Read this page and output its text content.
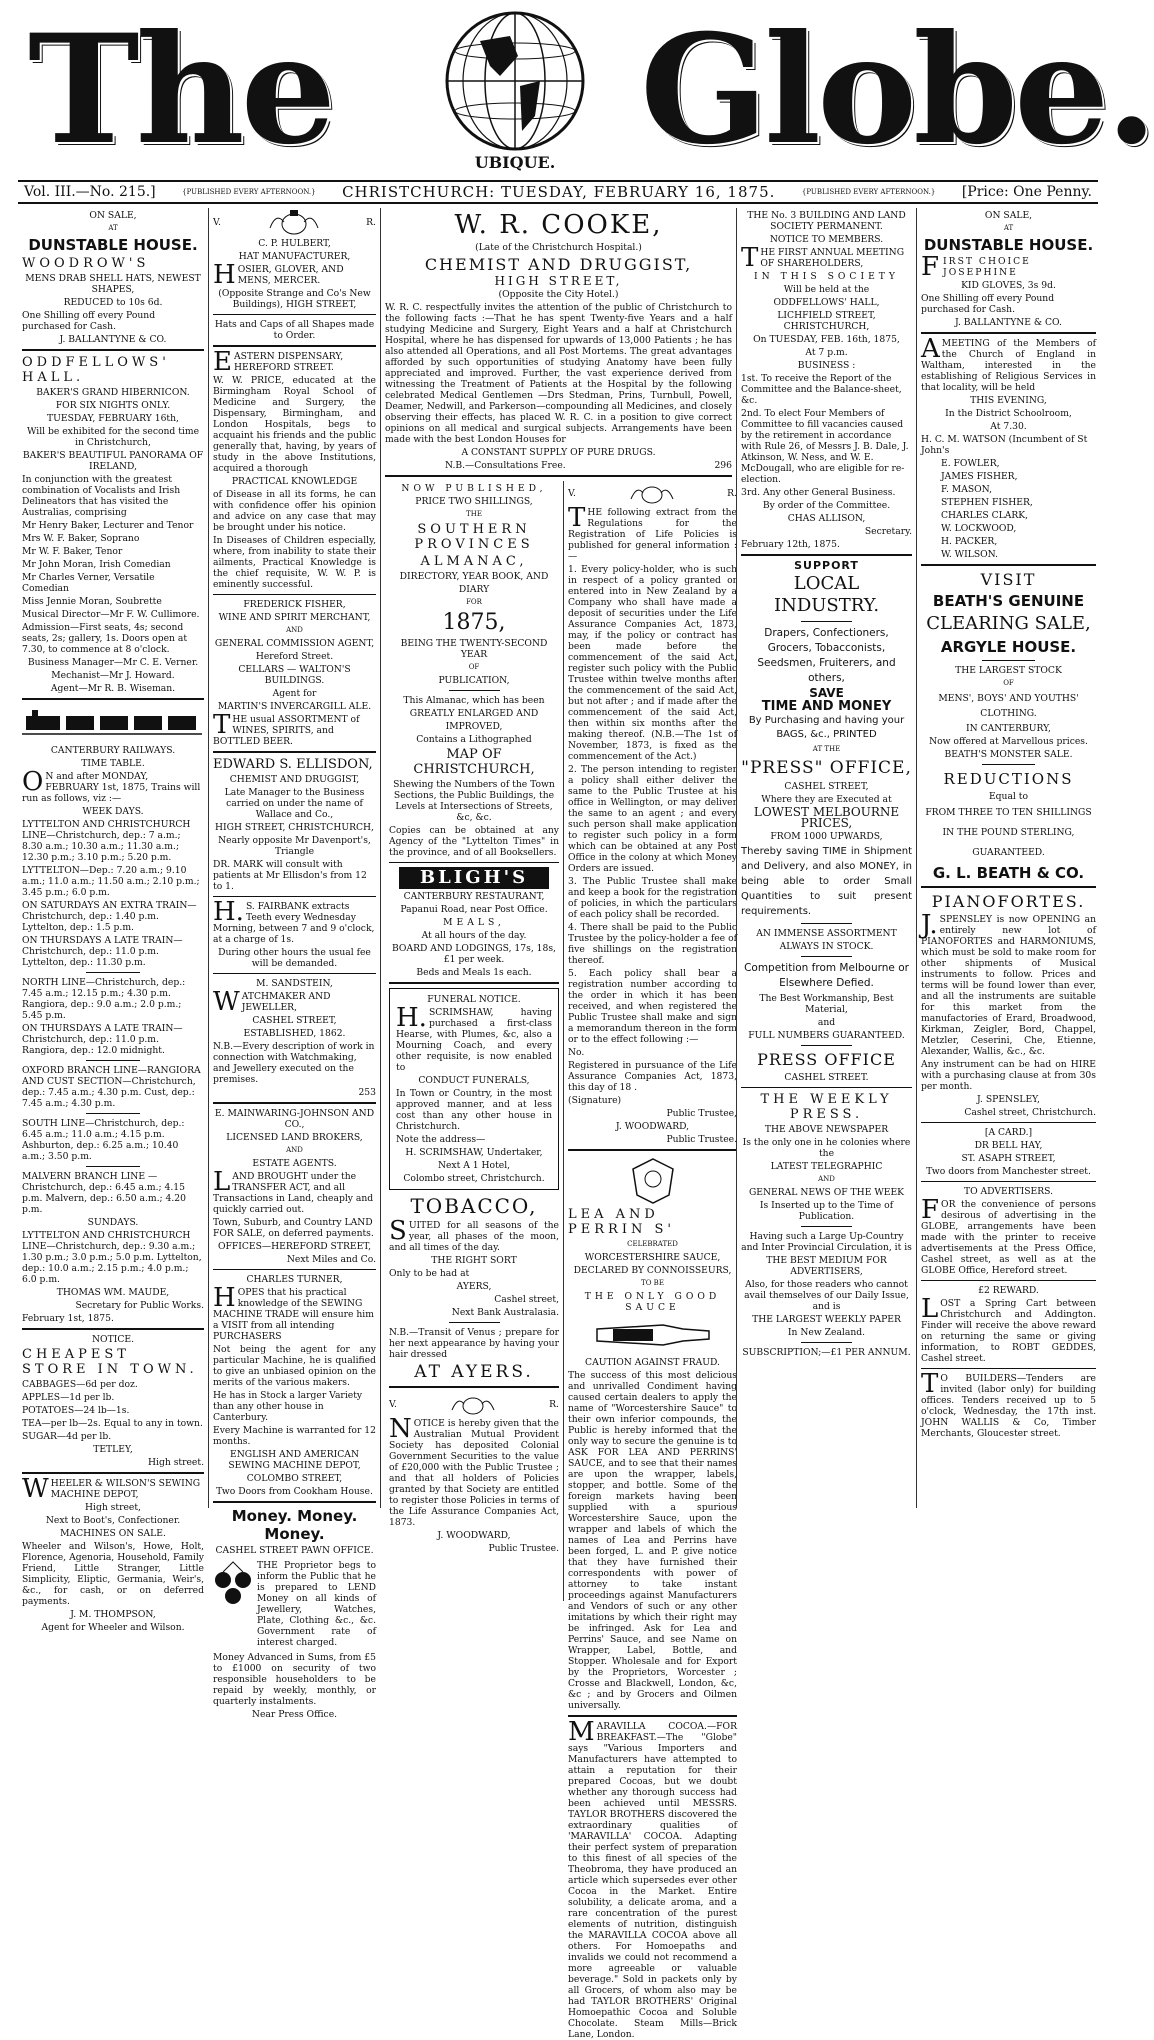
The	UBIQUE. Globe.
Vol. III.—No. 215.]	{PUBLISHED EVERY AFTERNOON.} CHRISTCHURCH: TUESDAY, FEBRUARY 16, 1875.	{PUBLISHED EVERY AFTERNOON.} [Price: One Penny.

ON SALE,

AT

DUNSTABLE HOUSE.

WOODROW'S

MENS DRAB SHELL HATS, NEWEST SHAPES,

REDUCED to 10s 6d.

One Shilling off every Pound purchased for Cash.

J. BALLANTYNE & CO.

ODDFELLOWS' HALL.

BAKER'S GRAND HIBERNICON.

FOR SIX NIGHTS ONLY.

TUESDAY, FEBRUARY 16th,

Will be exhibited for the second time in Christchurch,

BAKER'S BEAUTIFUL PANORAMA OF IRELAND,

In conjunction with the greatest combination of Vocalists and Irish Delineators that has visited the Australias, comprising

Mr Henry Baker, Lecturer and Tenor

Mrs W. F. Baker, Soprano

Mr W. F. Baker, Tenor

Mr John Moran, Irish Comedian

Mr Charles Verner, Versatile Comedian

Miss Jennie Moran, Soubrette

Musical Director—Mr F. W. Cullimore.

Admission—First seats, 4s; second seats, 2s; gallery, 1s. Doors open at 7.30, to commence at 8 o'clock.

Business Manager—Mr C. E. Verner.

Mechanist—Mr J. Howard.

Agent—Mr R. B. Wiseman.

CANTERBURY RAILWAYS.

TIME TABLE.

ON and after MONDAY, FEBRUARY 1st, 1875, Trains will run as follows, viz :—

WEEK DAYS.

LYTTELTON AND CHRISTCHURCH LINE—Christchurch, dep.: 7 a.m.; 8.30 a.m.; 10.30 a.m.; 11.30 a.m.; 12.30 p.m.; 3.10 p.m.; 5.20 p.m.

LYTTELTON—Dep.: 7.20 a.m.; 9.10 a.m.; 11.0 a.m.; 11.50 a.m.; 2.10 p.m.; 3.45 p.m.; 6.0 p.m.

ON SATURDAYS AN EXTRA TRAIN—Christchurch, dep.: 1.40 p.m. Lyttelton, dep.: 1.5 p.m.

ON THURSDAYS A LATE TRAIN—Christchurch, dep.: 11.0 p.m. Lyttelton, dep.: 11.30 p.m.

NORTH LINE—Christchurch, dep.: 7.45 a.m.; 12.15 p.m.; 4.30 p.m. Rangiora, dep.: 9.0 a.m.; 2.0 p.m.; 5.45 p.m.

ON THURSDAYS A LATE TRAIN—Christchurch, dep.: 11.0 p.m. Rangiora, dep.: 12.0 midnight.

OXFORD BRANCH LINE—RANGIORA AND CUST SECTION—Christchurch, dep.: 7.45 a.m.; 4.30 p.m. Cust, dep.: 7.45 a.m.; 4.30 p.m.

SOUTH LINE—Christchurch, dep.: 6.45 a.m.; 11.0 a.m.; 4.15 p.m. Ashburton, dep.: 6.25 a.m.; 10.40 a.m.; 3.50 p.m.

MALVERN BRANCH LINE — Christchurch, dep.: 6.45 a.m.; 4.15 p.m. Malvern, dep.: 6.50 a.m.; 4.20 p.m.

SUNDAYS.

LYTTELTON AND CHRISTCHURCH LINE—Christchurch, dep.: 9.30 a.m.; 1.30 p.m.; 3.0 p.m.; 5.0 p.m. Lyttelton, dep.: 10.0 a.m.; 2.15 p.m.; 4.0 p.m.; 6.0 p.m.

THOMAS WM. MAUDE,

Secretary for Public Works.

February 1st, 1875.

NOTICE.

CHEAPEST STORE IN TOWN.

CABBAGES—6d per doz.

APPLES—1d per lb.

POTATOES—24 lb—1s.

TEA—per lb—2s. Equal to any in town.

SUGAR—4d per lb.

TETLEY,

High street.

WHEELER & WILSON'S SEWING MACHINE DEPOT,

High street,

Next to Boot's, Confectioner.

MACHINES ON SALE.

Wheeler and Wilson's, Howe, Holt, Florence, Agenoria, Household, Family Friend, Little Stranger, Little Simplicity, Eliptic, Germania, Weir's, &c., for cash, or on deferred payments.

J. M. THOMPSON,

Agent for Wheeler and Wilson.

V.	R.

C. P. HULBERT,

HAT MANUFACTURER,

HOSIER, GLOVER, AND MENS, MERCER.

(Opposite Strange and Co's New Buildings), HIGH STREET,

Hats and Caps of all Shapes made to Order.

EASTERN DISPENSARY, HEREFORD STREET.

W. W. PRICE, educated at the Birmingham Royal School of Medicine and Surgery, the Dispensary, Birmingham, and London Hospitals, begs to acquaint his friends and the public generally that, having, by years of study in the above Institutions, acquired a thorough

PRACTICAL KNOWLEDGE

of Disease in all its forms, he can with confidence offer his opinion and advice on any case that may be brought under his notice.

In Diseases of Children especially, where, from inability to state their ailments, Practical Knowledge is the chief requisite, W. W. P. is eminently successful.

FREDERICK FISHER,

WINE AND SPIRIT MERCHANT,

AND

GENERAL COMMISSION AGENT,

Hereford Street.

CELLARS — WALTON'S BUILDINGS.

Agent for

MARTIN'S INVERCARGILL ALE.

THE usual ASSORTMENT of WINES, SPIRITS, and BOTTLED BEER.

EDWARD S. ELLISDON,

CHEMIST AND DRUGGIST,

Late Manager to the Business carried on under the name of Wallace and Co.,

HIGH STREET, CHRISTCHURCH,

Nearly opposite Mr Davenport's, Triangle

DR. MARK will consult with patients at Mr Ellisdon's from 12 to 1.

H.S. FAIRBANK extracts Teeth every Wednesday Morning, between 7 and 9 o'clock, at a charge of 1s.

During other hours the usual fee will be demanded.

M. SANDSTEIN,

WATCHMAKER AND JEWELLER,

CASHEL STREET,

ESTABLISHED, 1862.

N.B.—Every description of work in connection with Watchmaking, and Jewellery executed on the premises.

253

E. MAINWARING-JOHNSON AND CO.,

LICENSED LAND BROKERS,

AND

ESTATE AGENTS.

LAND BROUGHT under the TRANSFER ACT, and all Transactions in Land, cheaply and quickly carried out.

Town, Suburb, and Country LAND FOR SALE, on deferred payments.

OFFICES—HEREFORD STREET,

Next Miles and Co.

CHARLES TURNER,

HOPES that his practical knowledge of the SEWING MACHINE TRADE will ensure him a VISIT from all intending PURCHASERS

Not being the agent for any particular Machine, he is qualified to give an unbiased opinion on the merits of the various makers.

He has in Stock a larger Variety than any other house in Canterbury.

Every Machine is warranted for 12 months.

ENGLISH AND AMERICAN SEWING MACHINE DEPOT,

COLOMBO STREET,

Two Doors from Cookham House.

Money. Money. Money.

CASHEL STREET PAWN OFFICE.

THE Proprietor begs to inform the Public that he is prepared to LEND Money on all kinds of Jewellery, Watches, Plate, Clothing &c., &c. Government rate of interest charged.

Money Advanced in Sums, from £5 to £1000 on security of two responsible householders to be repaid by weekly, monthly, or quarterly instalments.

Near Press Office.

W. R. COOKE,

(Late of the Christchurch Hospital.)

CHEMIST AND DRUGGIST,

HIGH STREET,

(Opposite the City Hotel.)

W. R. C. respectfully invites the attention of the public of Christchurch to the following facts :—That he has spent Twenty-five Years and a half studying Medicine and Surgery, Eight Years and a half at Christchurch Hospital, where he has dispensed for upwards of 13,000 Patients ; he has also attended all Operations, and all Post Mortems. The great advantages afforded by such opportunities of studying Anatomy have been fully appreciated and improved. Further, the vast experience derived from witnessing the Treatment of Patients at the Hospital by the following celebrated Medical Gentlemen —Drs Stedman, Prins, Turnbull, Powell, Deamer, Nedwill, and Parkerson—compounding all Medicines, and closely observing their effects, has placed W. R. C. in a position to give correct opinions on all medical and surgical subjects. Arrangements have been made with the best London Houses for

A CONSTANT SUPPLY OF PURE DRUGS.

N.B.—Consultations Free.	296

NOW PUBLISHED,

PRICE TWO SHILLINGS,

THE

SOUTHERN PROVINCES

ALMANAC,

DIRECTORY, YEAR BOOK, AND

DIARY

FOR

1875,

BEING THE TWENTY-SECOND YEAR

OF

PUBLICATION,

This Almanac, which has been

GREATLY ENLARGED AND

IMPROVED,

Contains a Lithographed

MAP OF CHRISTCHURCH,

Shewing the Numbers of the Town Sections, the Public Buildings, the Levels at Intersections of Streets, &c, &c.

Copies can be obtained at any Agency of the "Lyttelton Times" in the province, and of all Booksellers.

BLIGH'S

CANTERBURY RESTAURANT,

Papanui Road, near Post Office.

MEALS,

At all hours of the day.

BOARD AND LODGINGS, 17s, 18s, £1 per week.

Beds and Meals 1s each.

FUNERAL NOTICE.

H.SCRIMSHAW, having purchased a first-class Hearse, with Plumes, &c, also a Mourning Coach, and every other requisite, is now enabled to

CONDUCT FUNERALS,

In Town or Country, in the most approved manner, and at less cost than any other house in Christchurch.

Note the address—

H. SCRIMSHAW, Undertaker,

Next A 1 Hotel,

Colombo street, Christchurch.

TOBACCO,

SUITED for all seasons of the year, all phases of the moon, and all times of the day.

THE RIGHT SORT

Only to be had at

AYERS,

Cashel street,

Next Bank Australasia.

N.B.—Transit of Venus ; prepare for her next appearance by having your hair dressed

AT AYERS.

V.	R.

NOTICE is hereby given that the Australian Mutual Provident Society has deposited Colonial Government Securities to the value of £20,000 with the Public Trustee ; and that all holders of Policies granted by that Society are entitled to register those Policies in terms of the Life Assurance Companies Act, 1873.

J. WOODWARD,

Public Trustee.

V.	R.

THE following extract from the Regulations for the Registration of Life Policies is published for general information :—

1. Every policy-holder, who is such in respect of a policy granted or entered into in New Zealand by a Company who shall have made a deposit of securities under the Life Assurance Companies Act, 1873, may, if the policy or contract has been made before the commencement of the said Act, register such policy with the Public Trustee within twelve months after the commencement of the said Act, but not after ; and if made after the commencement of the said Act, then within six months after the making thereof. (N.B.—The 1st of November, 1873, is fixed as the commencement of the Act.)

2. The person intending to register a policy shall either deliver the same to the Public Trustee at his office in Wellington, or may deliver the same to an agent ; and every such person shall make application to register such policy in a form which can be obtained at any Post Office in the colony at which Money Orders are issued.

3. The Public Trustee shall make and keep a book for the registration of policies, in which the particulars of each policy shall be recorded.

4. There shall be paid to the Public Trustee by the policy-holder a fee of five shillings on the registration thereof.

5. Each policy shall bear a registration number according to the order in which it has been received, and when registered the Public Trustee shall make and sign a memorandum thereon in the form or to the effect following :—

No.

Registered in pursuance of the Life Assurance Companies Act, 1873, this day of 18 .

(Signature)

Public Trustee,

J. WOODWARD,

Public Trustee.

LEA AND PERRIN S'

CELEBRATED

WORCESTERSHIRE SAUCE,

DECLARED BY CONNOISSEURS,

TO BE

THE ONLY GOOD SAUCE

CAUTION AGAINST FRAUD.

The success of this most delicious and unrivalled Condiment having caused certain dealers to apply the name of "Worcestershire Sauce" to their own inferior compounds, the Public is hereby informed that the only way to secure the genuine is to ASK FOR LEA AND PERRINS' SAUCE, and to see that their names are upon the wrapper, labels, stopper, and bottle. Some of the foreign markets having been supplied with a spurious Worcestershire Sauce, upon the wrapper and labels of which the names of Lea and Perrins have been forged, L. and P. give notice that they have furnished their correspondents with power of attorney to take instant proceedings against Manufacturers and Vendors of such or any other imitations by which their right may be infringed. Ask for Lea and Perrins' Sauce, and see Name on Wrapper, Label, Bottle, and Stopper. Wholesale and for Export by the Proprietors, Worcester ; Crosse and Blackwell, London, &c, &c ; and by Grocers and Oilmen universally.

MARAVILLA COCOA.—FOR BREAKFAST.—The "Globe" says "Various Importers and Manufacturers have attempted to attain a reputation for their prepared Cocoas, but we doubt whether any thorough success had been achieved until MESSRS. TAYLOR BROTHERS discovered the extraordinary qualities of 'MARAVILLA' COCOA. Adapting their perfect system of preparation to this finest of all species of the Theobroma, they have produced an article which supersedes ever other Cocoa in the Market. Entire solubility, a delicate aroma, and a rare concentration of the purest elements of nutrition, distinguish the MARAVILLA COCOA above all others. For Homoepaths and invalids we could not recommend a more agreeable or valuable beverage." Sold in packets only by all Grocers, of whom also may be had TAYLOR BROTHERS' Original Homoepathic Cocoa and Soluble Chocolate. Steam Mills—Brick Lane, London.

THE No. 3 BUILDING AND LAND SOCIETY PERMANENT.

NOTICE TO MEMBERS.

THE FIRST ANNUAL MEETING OF SHAREHOLDERS,

IN THIS SOCIETY

Will be held at the

ODDFELLOWS' HALL,

LICHFIELD STREET, CHRISTCHURCH,

On TUESDAY, FEB. 16th, 1875,

At 7 p.m.

BUSINESS :

1st. To receive the Report of the Committee and the Balance-sheet, &c.

2nd. To elect Four Members of Committee to fill vacancies caused by the retirement in accordance with Rule 26, of Messrs J. B. Dale, J. Atkinson, W. Ness, and W. E. McDougall, who are eligible for re-election.

3rd. Any other General Business.

By order of the Committee.

CHAS ALLISON,

Secretary.

February 12th, 1875.

SUPPORT

LOCAL INDUSTRY.

Drapers, Confectioners, Grocers, Tobacconists, Seedsmen, Fruiterers, and others,

SAVE

TIME AND MONEY

By Purchasing and having your BAGS, &c., PRINTED

AT THE

"PRESS" OFFICE,

CASHEL STREET,

Where they are Executed at

LOWEST MELBOURNE PRICES,

FROM 1000 UPWARDS,

Thereby saving TIME in Shipment and Delivery, and also MONEY, in being able to order Small Quantities to suit present requirements.

AN IMMENSE ASSORTMENT

ALWAYS IN STOCK.

Competition from Melbourne or Elsewhere Defied.

The Best Workmanship, Best Material,

and

FULL NUMBERS GUARANTEED.

PRESS OFFICE

CASHEL STREET.

THE WEEKLY PRESS.

THE ABOVE NEWSPAPER

Is the only one in he colonies where the

LATEST TELEGRAPHIC

AND

GENERAL NEWS OF THE WEEK

Is Inserted up to the Time of Publication.

Having such a Large Up-Country and Inter Provincial Circulation, it is

THE BEST MEDIUM FOR ADVERTISERS,

Also, for those readers who cannot avail themselves of our Daily Issue, and is

THE LARGEST WEEKLY PAPER

In New Zealand.

SUBSCRIPTION;—£1 PER ANNUM.

ON SALE,

AT

DUNSTABLE HOUSE.

FIRST CHOICE JOSEPHINE

KID GLOVES, 3s 9d.

One Shilling off every Pound purchased for Cash.

J. BALLANTYNE & CO.

AMEETING of the Members of the Church of England in Waltham, interested in the establishing of Religious Services in that locality, will be held

THIS EVENING,

In the District Schoolroom,

At 7.30.

H. C. M. WATSON (Incumbent of St John's

E. FOWLER,

JAMES FISHER,

F. MASON,

STEPHEN FISHER,

CHARLES CLARK,

W. LOCKWOOD,

H. PACKER,

W. WILSON.

VISIT

BEATH'S GENUINE

CLEARING SALE,

ARGYLE HOUSE.

THE LARGEST STOCK

OF

MENS', BOYS' AND YOUTHS' CLOTHING.

IN CANTERBURY,

Now offered at Marvellous prices.

BEATH'S MONSTER SALE.

REDUCTIONS

Equal to

FROM THREE TO TEN SHILLINGS

IN THE POUND STERLING,

GUARANTEED.

G. L. BEATH & CO.

PIANOFORTES.

J.SPENSLEY is now OPENING an entirely new lot of PIANOFORTES and HARMONIUMS, which must be sold to make room for other shipments of Musical instruments to follow. Prices and terms will be found lower than ever, and all the instruments are suitable for this market from the manufactories of Erard, Broadwood, Kirkman, Zeigler, Bord, Chappel, Metzler, Ceserini, Che, Etienne, Alexander, Wallis, &c., &c.

Any instrument can be had on HIRE with a purchasing clause at from 30s per month.

J. SPENSLEY,

Cashel street, Christchurch.

[A CARD.]

DR BELL HAY,

ST. ASAPH STREET,

Two doors from Manchester street.

TO ADVERTISERS.

FOR the convenience of persons desirous of advertising in the GLOBE, arrangements have been made with the printer to receive advertisements at the Press Office, Cashel street, as well as at the GLOBE Office, Hereford street.

£2 REWARD.

LOST a Spring Cart between Christchurch and Addington. Finder will receive the above reward on returning the same or giving information, to ROBT GEDDES, Cashel street.

TO BUILDERS—Tenders are invited (labor only) for building offices. Tenders received up to 5 o'clock, Wednesday, the 17th inst. JOHN WALLIS & Co, Timber Merchants, Gloucester street.
